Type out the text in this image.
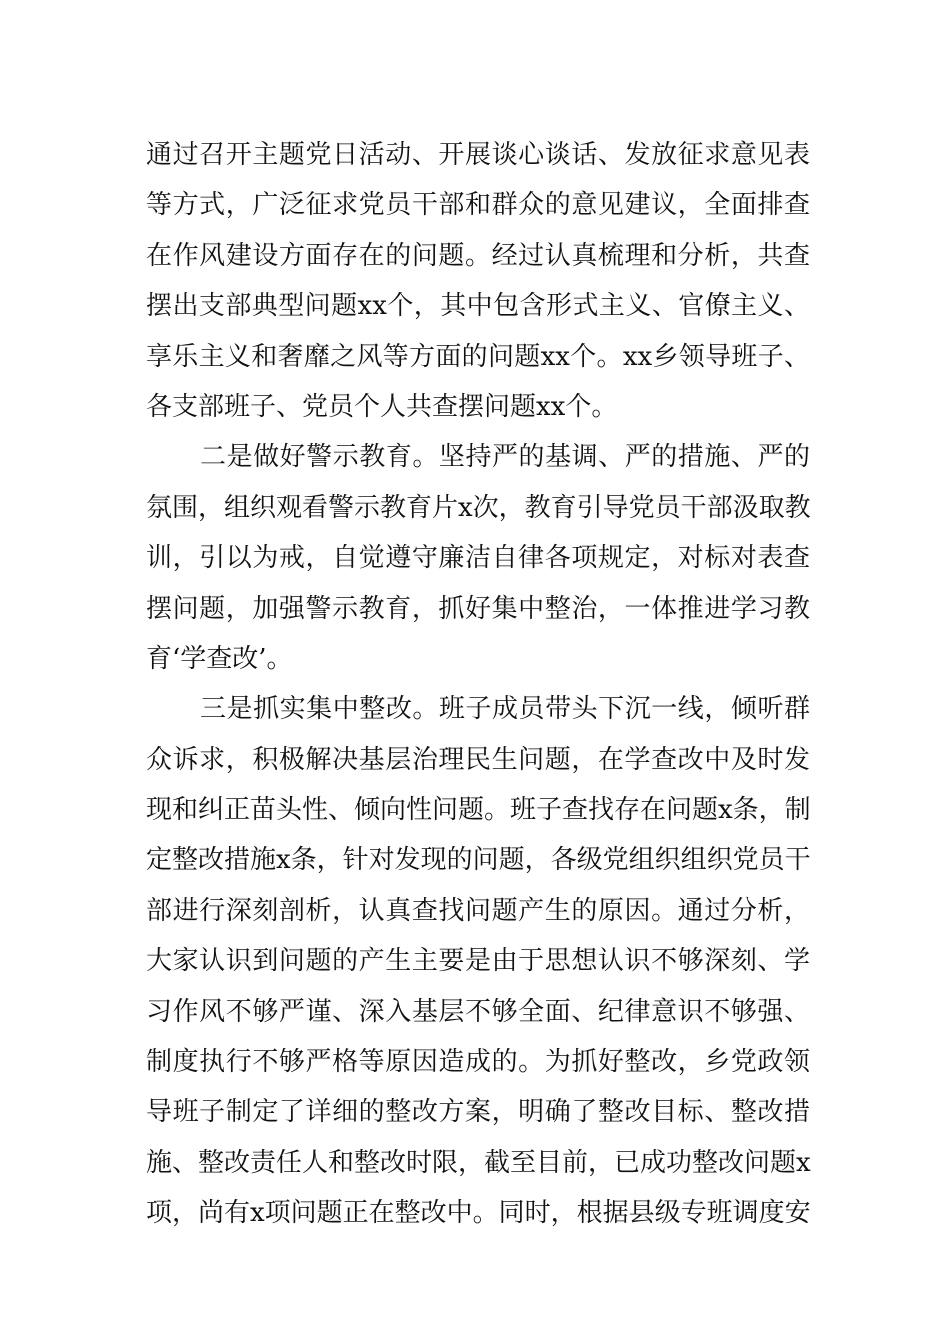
通过召开主题党日活动、开展谈心谈话、发放征求意见表
等方式，广泛征求党员干部和群众的意见建议，全面排查
在作风建设方面存在的问题。经过认真梳理和分析，共查
摆出支部典型问题xx个，其中包含形式主义、官僚主义、
享乐主义和奢靡之风等方面的问题xx个。xx乡领导班子、
各支部班子、党员个人共查摆问题xx个。
二是做好警示教育。坚持严的基调、严的措施、严的
氛围，组织观看警示教育片x次，教育引导党员干部汲取教
训，引以为戒，自觉遵守廉洁自律各项规定，对标对表查
摆问题，加强警示教育，抓好集中整治，一体推进学习教
育‘学查改’。
三是抓实集中整改。班子成员带头下沉一线，倾听群
众诉求，积极解决基层治理民生问题，在学查改中及时发
现和纠正苗头性、倾向性问题。班子查找存在问题x条，制
定整改措施x条，针对发现的问题，各级党组织组织党员干
部进行深刻剖析，认真查找问题产生的原因。通过分析，
大家认识到问题的产生主要是由于思想认识不够深刻、学
习作风不够严谨、深入基层不够全面、纪律意识不够强、
制度执行不够严格等原因造成的。为抓好整改，乡党政领
导班子制定了详细的整改方案，明确了整改目标、整改措
施、整改责任人和整改时限，截至目前，已成功整改问题x
项，尚有x项问题正在整改中。同时，根据县级专班调度安
